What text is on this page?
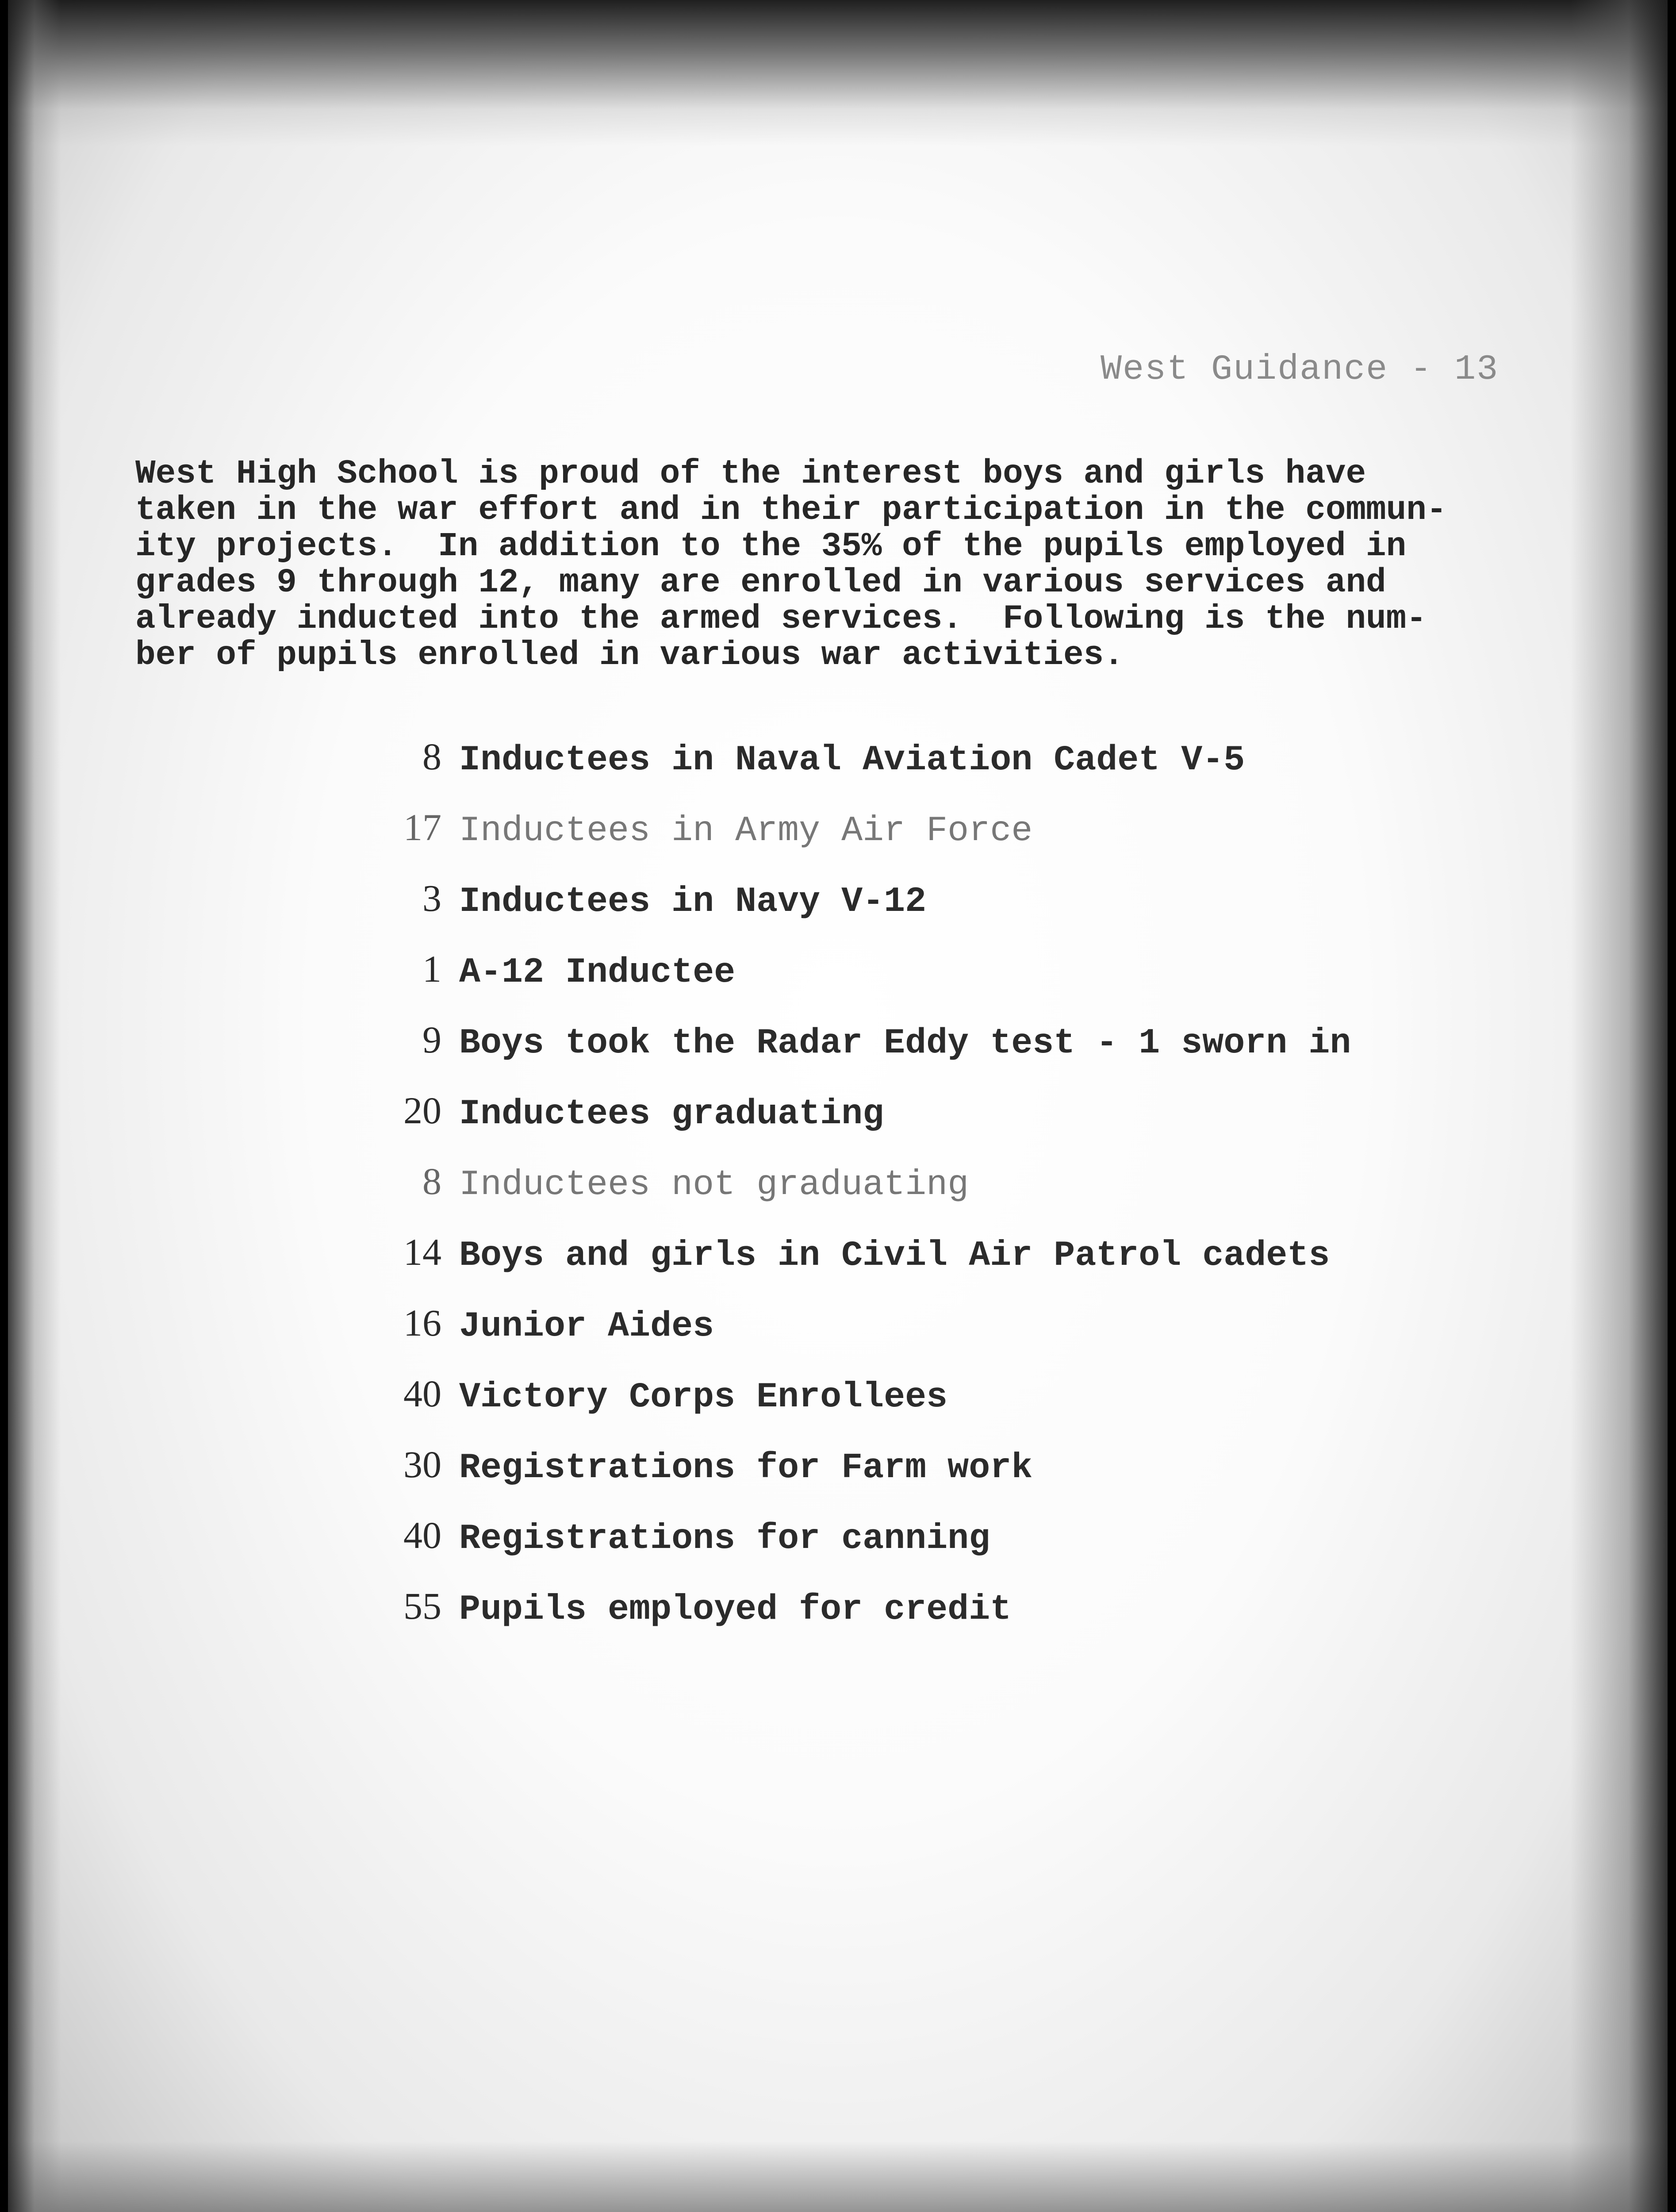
West Guidance - 13
West High School is proud of the interest boys and girls have
taken in the war effort and in their participation in the commun-
ity projects.  In addition to the 35% of the pupils employed in
grades 9 through 12, many are enrolled in various services and
already inducted into the armed services.  Following is the num-
ber of pupils enrolled in various war activities.
8 Inductees in Naval Aviation Cadet V-5
17 Inductees in Army Air Force
3 Inductees in Navy V-12
1 A-12 Inductee
9 Boys took the Radar Eddy test - 1 sworn in
20 Inductees graduating
8 Inductees not graduating
14 Boys and girls in Civil Air Patrol cadets
16 Junior Aides
40 Victory Corps Enrollees
30 Registrations for Farm work
40 Registrations for canning
55 Pupils employed for credit
